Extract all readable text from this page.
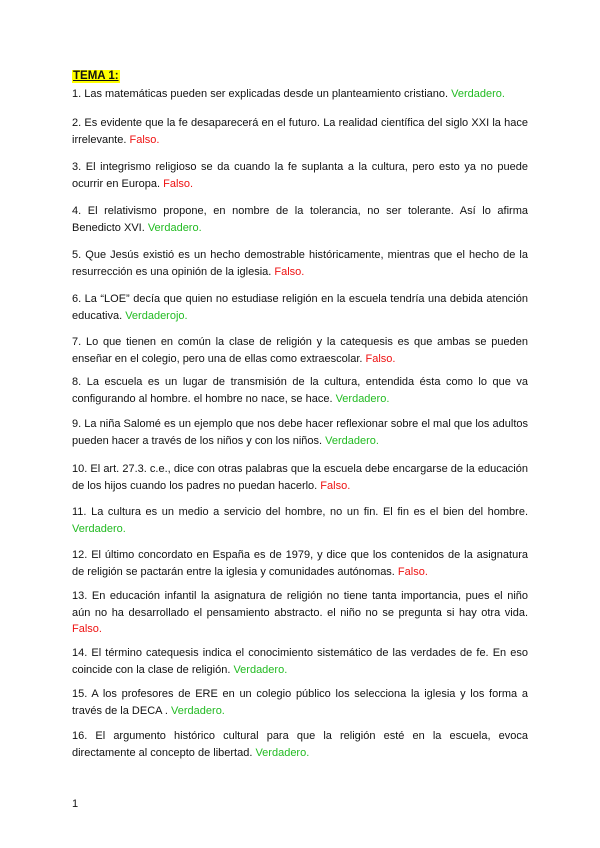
TEMA 1:

1. Las matemáticas pueden ser explicadas desde un planteamiento cristiano. Verdadero.

2. Es evidente que la fe desaparecerá en el futuro. La realidad científica del siglo XXI la hace irrelevante. Falso.

3. El integrismo religioso se da cuando la fe suplanta a la cultura, pero esto ya no puede ocurrir en Europa. Falso.

4. El relativismo propone, en nombre de la tolerancia, no ser tolerante. Así lo afirma Benedicto XVI. Verdadero.

5. Que Jesús existió es un hecho demostrable históricamente, mientras que el hecho de la resurrección es una opinión de la iglesia. Falso.

6. La “LOE” decía que quien no estudiase religión en la escuela tendría una debida atención educativa. Verdaderojo.

7. Lo que tienen en común la clase de religión y la catequesis es que ambas se pueden enseñar en el colegio, pero una de ellas como extraescolar. Falso.

8. La escuela es un lugar de transmisión de la cultura, entendida ésta como lo que va configurando al hombre. el hombre no nace, se hace. Verdadero.

9. La niña Salomé es un ejemplo que nos debe hacer reflexionar sobre el mal que los adultos pueden hacer a través de los niños y con los niños. Verdadero.

10. El art. 27.3. c.e., dice con otras palabras que la escuela debe encargarse de la educación de los hijos cuando los padres no puedan hacerlo. Falso.

11. La cultura es un medio a servicio del hombre, no un fin. El fin es el bien del hombre. Verdadero.

12. El último concordato en España es de 1979, y dice que los contenidos de la asignatura de religión se pactarán entre la iglesia y comunidades autónomas. Falso.

13. En educación infantil la asignatura de religión no tiene tanta importancia, pues el niño aún no ha desarrollado el pensamiento abstracto. el niño no se pregunta si hay otra vida. Falso.

14. El término catequesis indica el conocimiento sistemático de las verdades de fe. En eso coincide con la clase de religión. Verdadero.

15. A los profesores de ERE en un colegio público los selecciona la iglesia y los forma a través de la DECA . Verdadero.

16. El argumento histórico cultural para que la religión esté en la escuela, evoca directamente al concepto de libertad. Verdadero.

1
